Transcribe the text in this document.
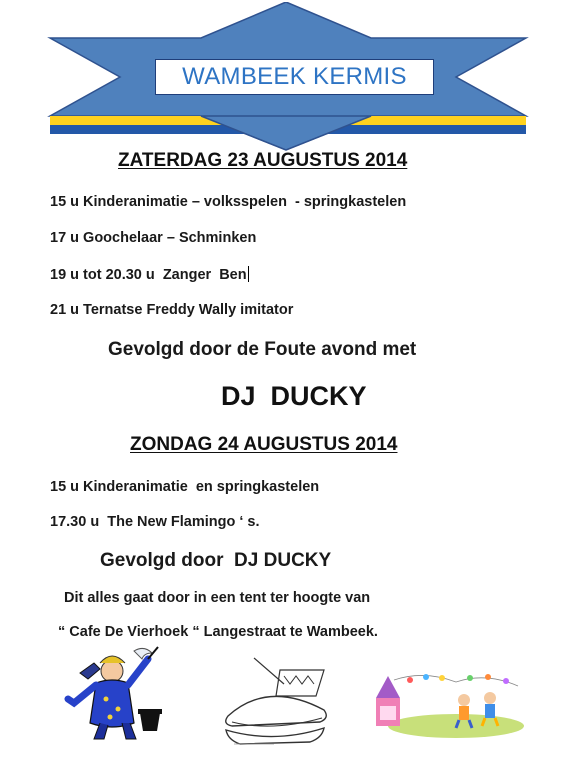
WAMBEEK KERMIS
ZATERDAG 23 AUGUSTUS 2014
15 u Kinderanimatie – volksspelen  - springkastelen
17 u Goochelaar – Schminken
19 u tot 20.30 u  Zanger  Ben
21 u Ternatse Freddy Wally imitator
Gevolgd door de Foute avond met
DJ  DUCKY
ZONDAG 24 AUGUSTUS 2014
15 u Kinderanimatie  en springkastelen
17.30 u  The New Flamingo ‘ s.
Gevolgd door  DJ DUCKY
Dit alles gaat door in een tent ter hoogte van
“ Cafe De Vierhoek “ Langestraat te Wambeek.
